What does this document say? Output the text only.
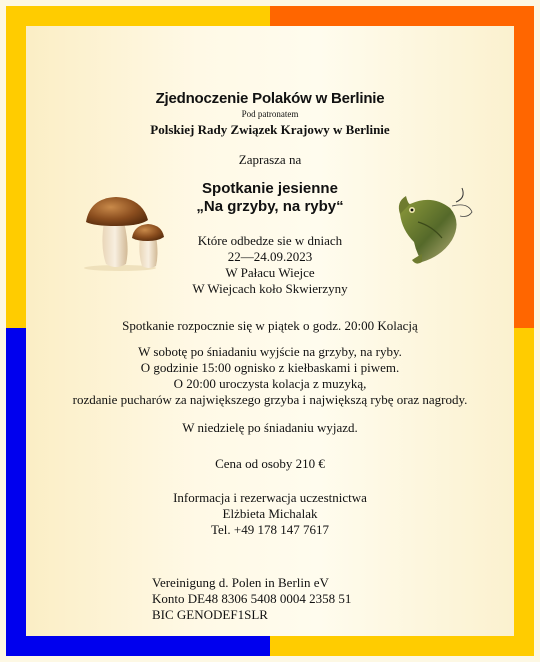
Zjednoczenie Polaków w Berlinie
Pod patronatem
Polskiej Rady Związek Krajowy w Berlinie
Zaprasza na
Spotkanie jesienne
„Na grzyby, na ryby“
Które odbedze sie w dniach
22—24.09.2023
W Pałacu Wiejce
W Wiejcach koło Skwierzyny
Spotkanie rozpocznie się w piątek o godz. 20:00 Kolacją
W sobotę po śniadaniu wyjście na grzyby, na ryby.
O godzinie 15:00 ognisko z kiełbaskami i piwem.
O 20:00 uroczysta kolacja z muzyką,
rozdanie pucharów za największego grzyba i największą rybę oraz nagrody.
W niedzielę po śniadaniu wyjazd.
Cena od osoby 210 €
Informacja i rezerwacja uczestnictwa
Elżbieta Michalak
Tel. +49 178 147 7617
Vereinigung d. Polen in Berlin eV
Konto DE48 8306 5408 0004 2358 51
BIC GENODEF1SLR
